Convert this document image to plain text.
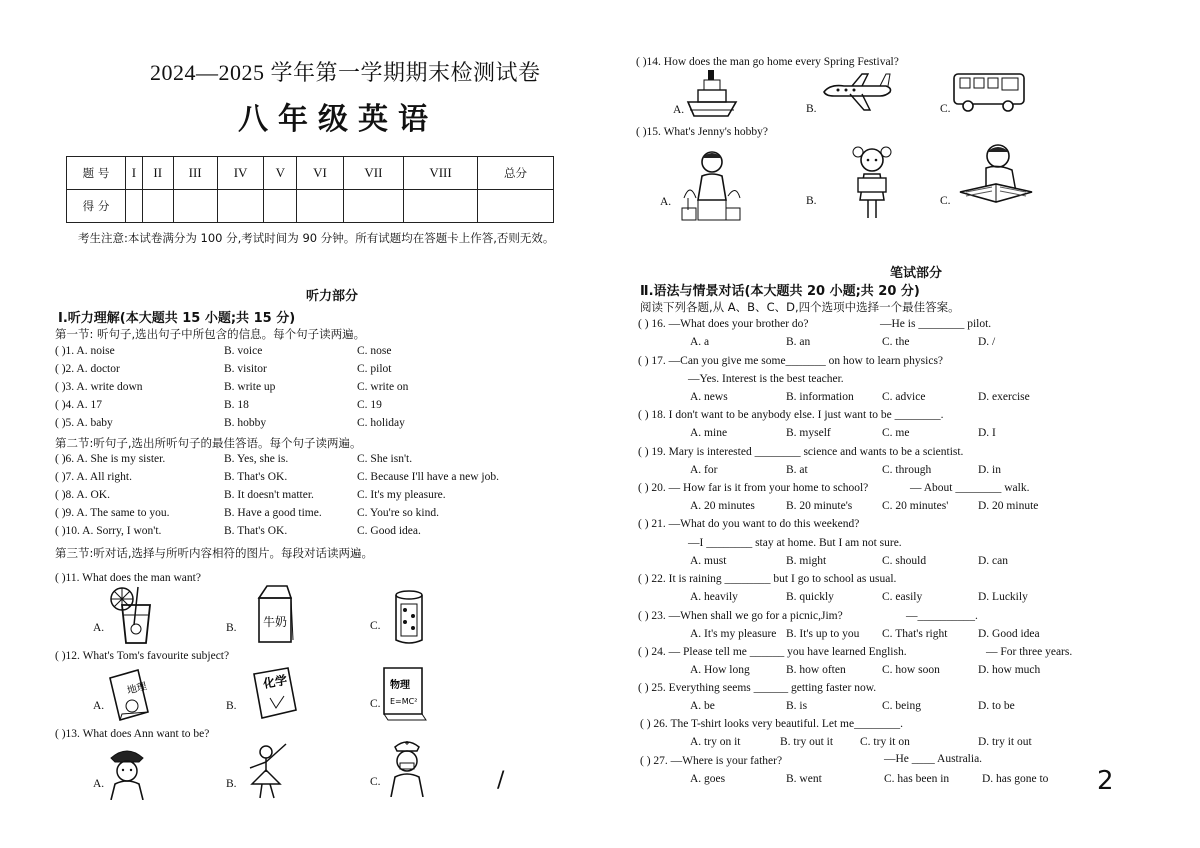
2024—2025 学年第一学期期末检测试卷
八年级英语
题 号	I	II	III	IV	V	VI	VII	VIII	总分
得 分									
考生注意:本试卷满分为 100 分,考试时间为 90 分钟。所有试题均在答题卡上作答,否则无效。
听力部分
Ⅰ.听力理解(本大题共 15 小题;共 15 分)
第一节: 听句子,选出句子中所包含的信息。每个句子读两遍。
( )1. A. noise	B. voice	C. nose
( )2. A. doctor	B. visitor	C. pilot
( )3. A. write down	B. write up	C. write on
( )4. A. 17	B. 18	C. 19
( )5. A. baby	B. hobby	C. holiday
第二节:听句子,选出所听句子的最佳答语。每个句子读两遍。
( )6. A. She is my sister.	B. Yes, she is.	C. She isn't.
( )7. A. All right.	B. That's OK.	C. Because I'll have a new job.
( )8. A. OK.	B. It doesn't matter.	C. It's my pleasure.
( )9. A. The same to you.	B. Have a good time.	C. You're so kind.
( )10. A. Sorry, I won't.	B. That's OK.	C. Good idea.
第三节:听对话,选择与所听内容相符的图片。每段对话读两遍。
( )11. What does the man want?
A.	B.	C.
牛奶
( )12. What's Tom's favourite subject?
A.	B.	C.
地理	化学	物理
E=MC²
( )13. What does Ann want to be?
A.	B.	C.	/
( )14. How does the man go home every Spring Festival?
A.	B.	C.
( )15. What's Jenny's hobby?
A.	B.	C.
笔试部分
Ⅱ.语法与情景对话(本大题共 20 小题;共 20 分)
阅读下列各题,从 A、B、C、D,四个选项中选择一个最佳答案。
( ) 16. —What does your brother do?	—He is ________ pilot.
A. a	B. an	C. the	D. /
( ) 17. —Can you give me some_______ on how to learn physics?
—Yes. Interest is the best teacher.
A. news	B. information C. advice	D. exercise
( ) 18. I don't want to be anybody else. I just want to be ________.
A. mine	B. myself	C. me	D. I
( ) 19. Mary is interested ________ science and wants to be a scientist.
A. for	B. at	C. through	D. in
( ) 20. — How far is it from your home to school?	— About ________ walk.
A. 20 minutes	B. 20 minute's	C. 20 minutes'	D. 20 minute
( ) 21. —What do you want to do this weekend?
—I ________ stay at home. But I am not sure.
A. must	B. might	C. should	D. can
( ) 22. It is raining ________ but I go to school as usual.
A. heavily	B. quickly	C. easily	D. Luckily
( ) 23. —When shall we go for a picnic,Jim?	—__________.
A. It's my pleasure B. It's up to you C. That's right	D. Good idea
( ) 24. — Please tell me ______ you have learned English.	— For three years.
A. How long	B. how often	C. how soon	D. how much
( ) 25. Everything seems ______ getting faster now.
A. be	B. is	C. being	D. to be
( ) 26. The T-shirt looks very beautiful. Let me________.
A. try on it	B. try out it C. try it on	D. try it out
( ) 27. —Where is your father?	—He ____ Australia.
A. goes	B. went	C. has been in	D. has gone to 2
